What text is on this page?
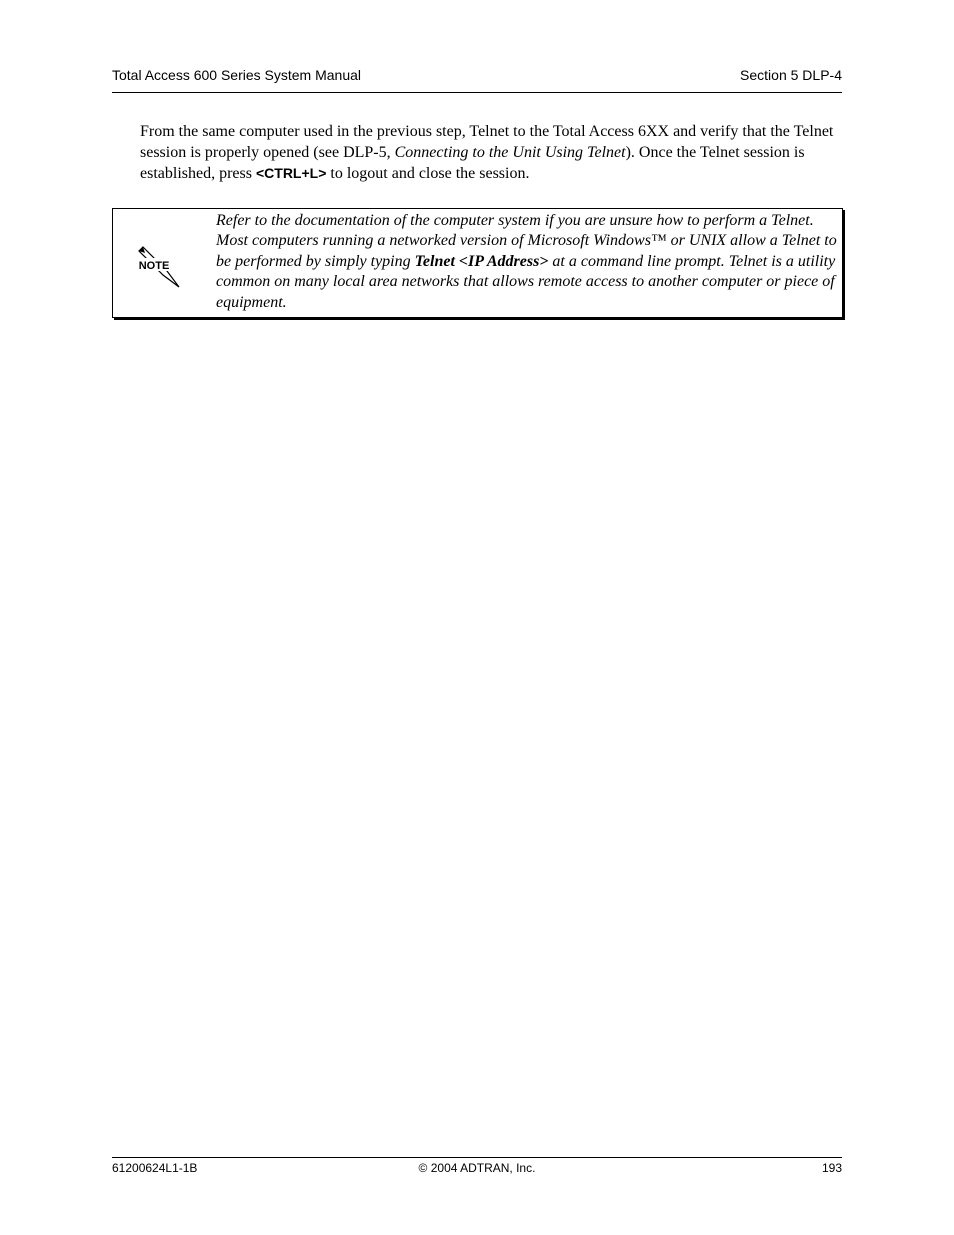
Total Access 600 Series System Manual	Section 5 DLP-4
From the same computer used in the previous step, Telnet to the Total Access 6XX and verify that the Telnet session is properly opened (see DLP-5, Connecting to the Unit Using Telnet). Once the Telnet session is established, press <CTRL+L> to logout and close the session.
NOTE
Refer to the documentation of the computer system if you are unsure how to perform a Telnet. Most computers running a networked version of Microsoft Windows™ or UNIX allow a Telnet to be performed by simply typing Telnet <IP Address> at a command line prompt. Telnet is a utility common on many local area networks that allows remote access to another computer or piece of equipment.
61200624L1-1B	© 2004 ADTRAN, Inc.	193
